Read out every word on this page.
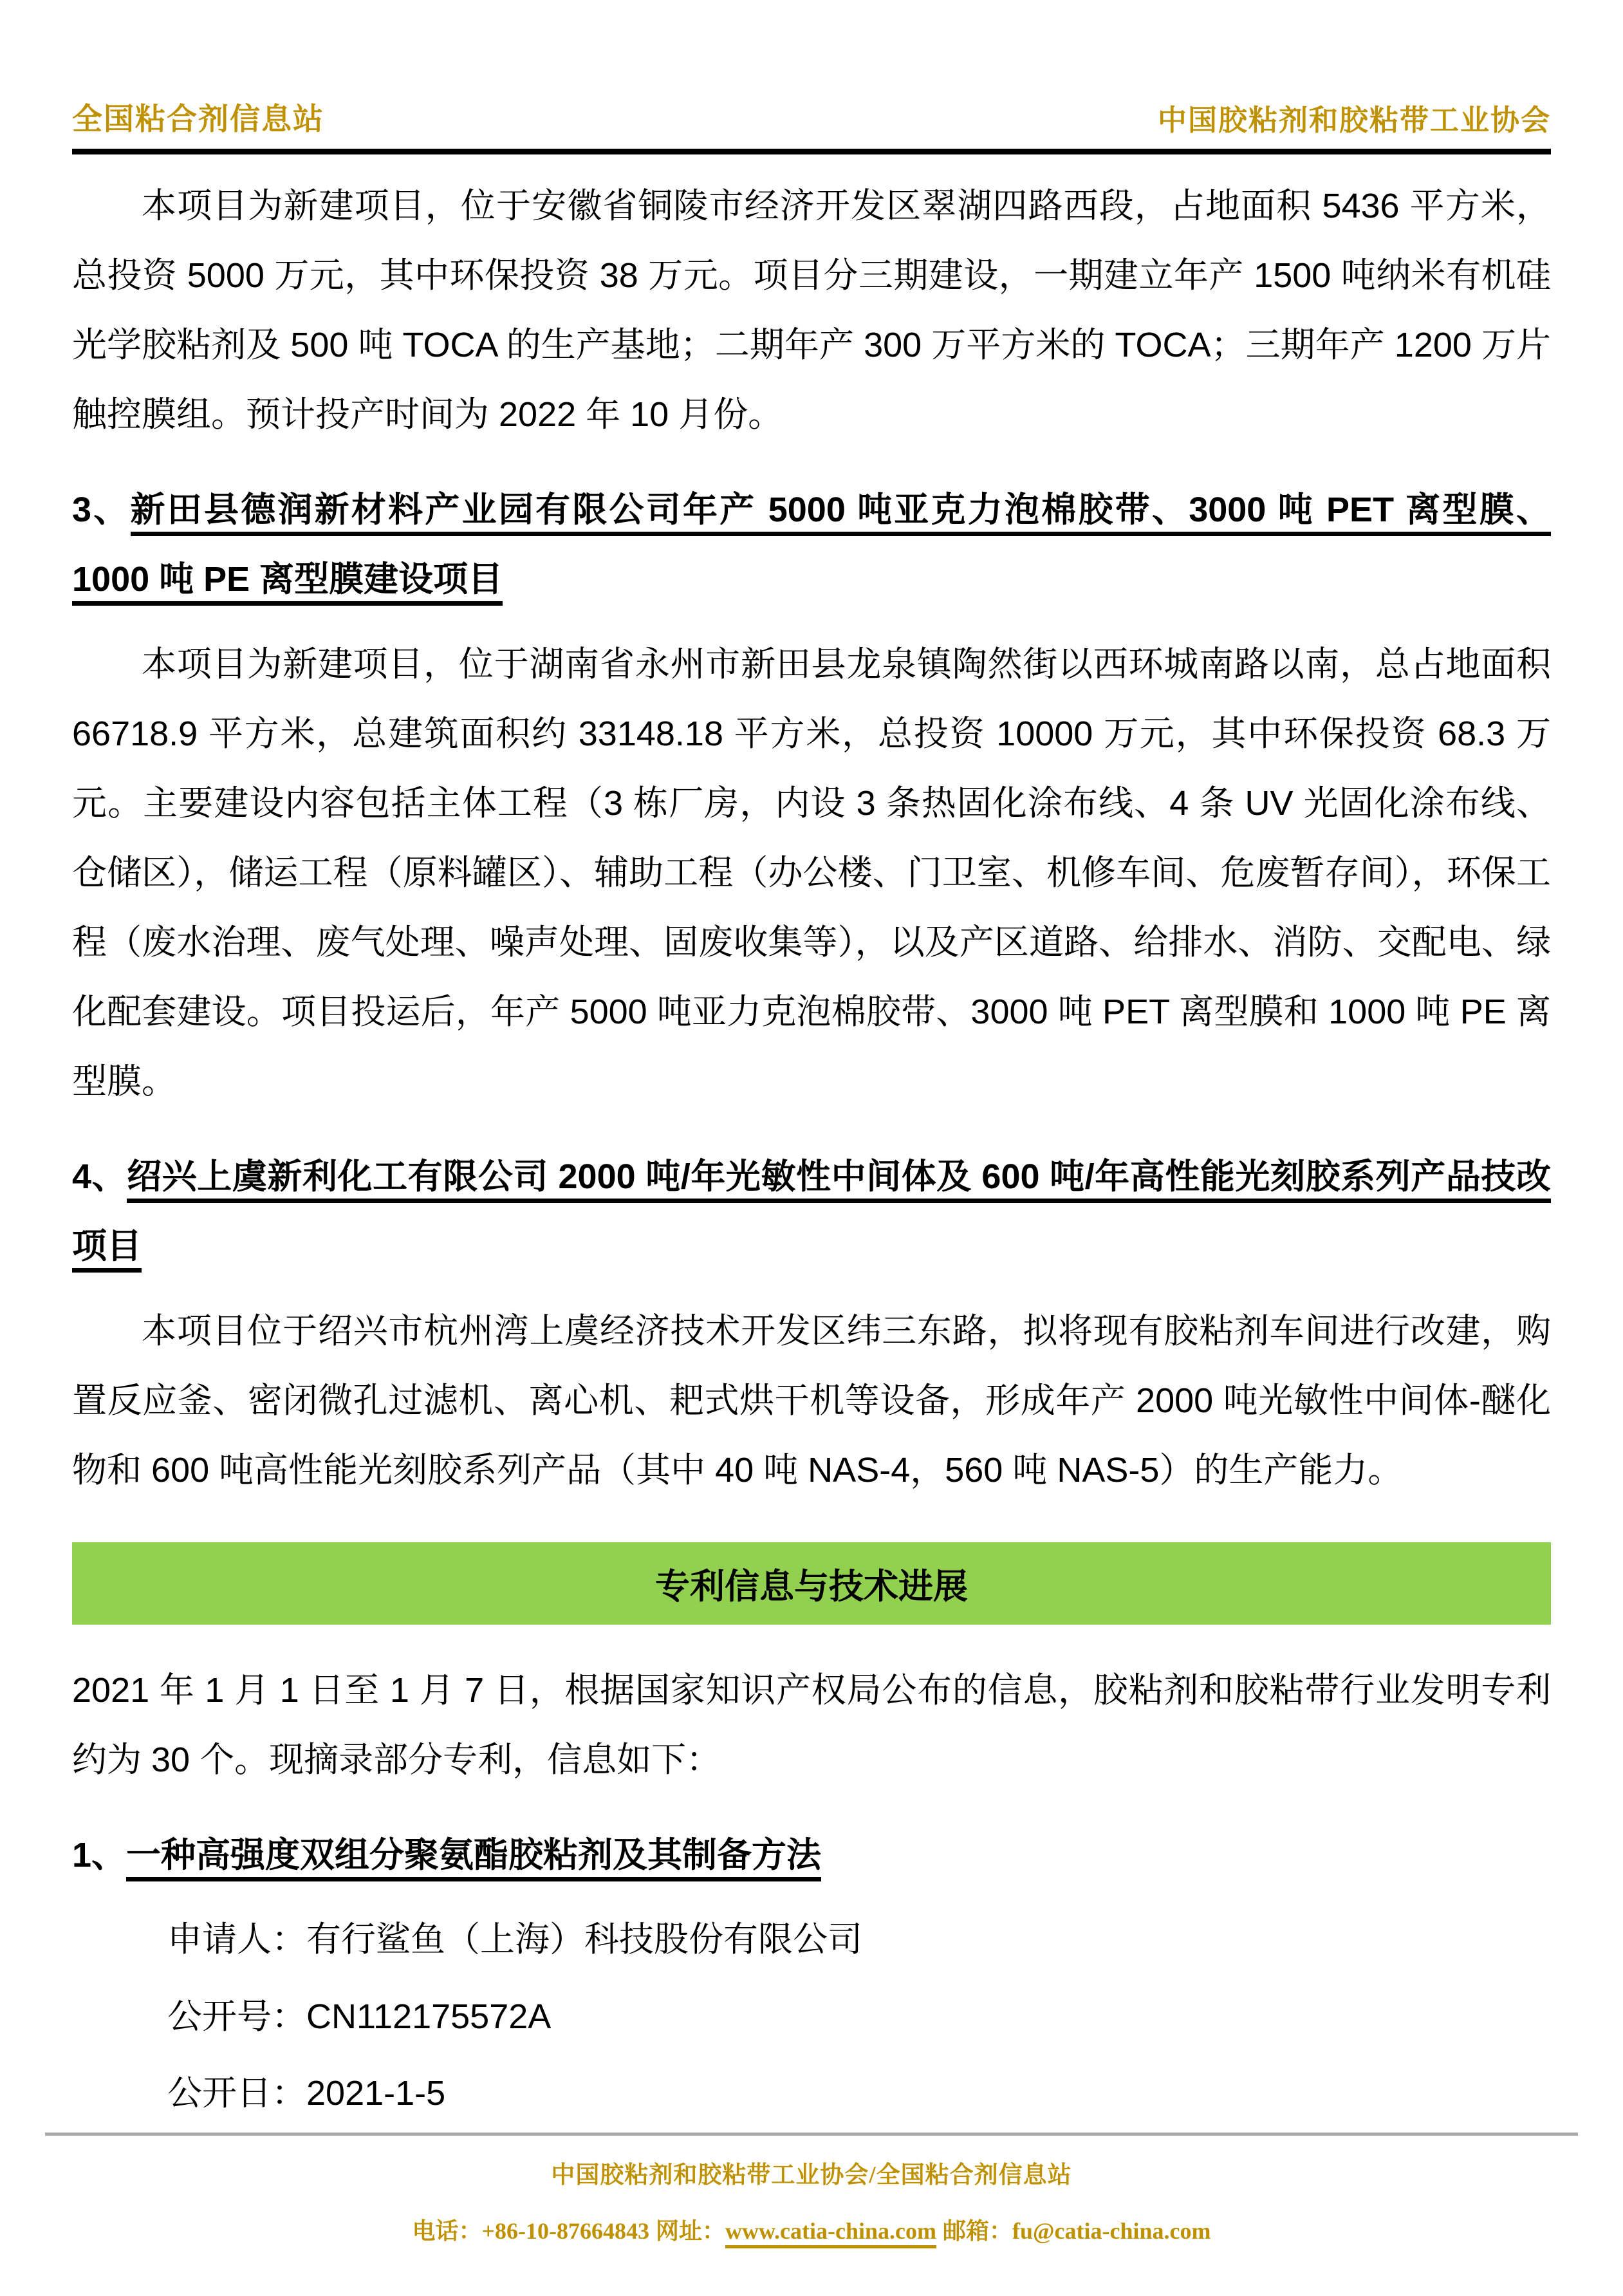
全国粘合剂信息站	中国胶粘剂和胶粘带工业协会

本项目为新建项目，位于安徽省铜陵市经济开发区翠湖四路西段，占地面积 5436 平方米，总投资 5000 万元，其中环保投资 38 万元。项目分三期建设，一期建立年产 1500 吨纳米有机硅光学胶粘剂及 500 吨 TOCA 的生产基地；二期年产 300 万平方米的 TOCA；三期年产 1200 万片触控膜组。预计投产时间为 2022 年 10 月份。

3、新田县德润新材料产业园有限公司年产 5000 吨亚克力泡棉胶带、3000 吨 PET 离型膜、1000 吨 PE 离型膜建设项目

本项目为新建项目，位于湖南省永州市新田县龙泉镇陶然街以西环城南路以南，总占地面积 66718.9 平方米，总建筑面积约 33148.18 平方米，总投资 10000 万元，其中环保投资 68.3 万元。主要建设内容包括主体工程（3 栋厂房，内设 3 条热固化涂布线、4 条 UV 光固化涂布线、仓储区），储运工程（原料罐区）、辅助工程（办公楼、门卫室、机修车间、危废暂存间），环保工程（废水治理、废气处理、噪声处理、固废收集等），以及产区道路、给排水、消防、交配电、绿化配套建设。项目投运后，年产 5000 吨亚力克泡棉胶带、3000 吨 PET 离型膜和 1000 吨 PE 离型膜。

4、绍兴上虞新利化工有限公司 2000 吨/年光敏性中间体及 600 吨/年高性能光刻胶系列产品技改项目

本项目位于绍兴市杭州湾上虞经济技术开发区纬三东路，拟将现有胶粘剂车间进行改建，购置反应釜、密闭微孔过滤机、离心机、耙式烘干机等设备，形成年产 2000 吨光敏性中间体-醚化物和 600 吨高性能光刻胶系列产品（其中 40 吨 NAS-4，560 吨 NAS-5）的生产能力。

专利信息与技术进展

2021 年 1 月 1 日至 1 月 7 日，根据国家知识产权局公布的信息，胶粘剂和胶粘带行业发明专利约为 30 个。现摘录部分专利，信息如下：

1、一种高强度双组分聚氨酯胶粘剂及其制备方法

申请人：有行鲨鱼（上海）科技股份有限公司

公开号：CN112175572A

公开日：2021-1-5

中国胶粘剂和胶粘带工业协会/全国粘合剂信息站

电话：+86-10-87664843 网址：www.catia-china.com 邮箱：fu@catia-china.com
